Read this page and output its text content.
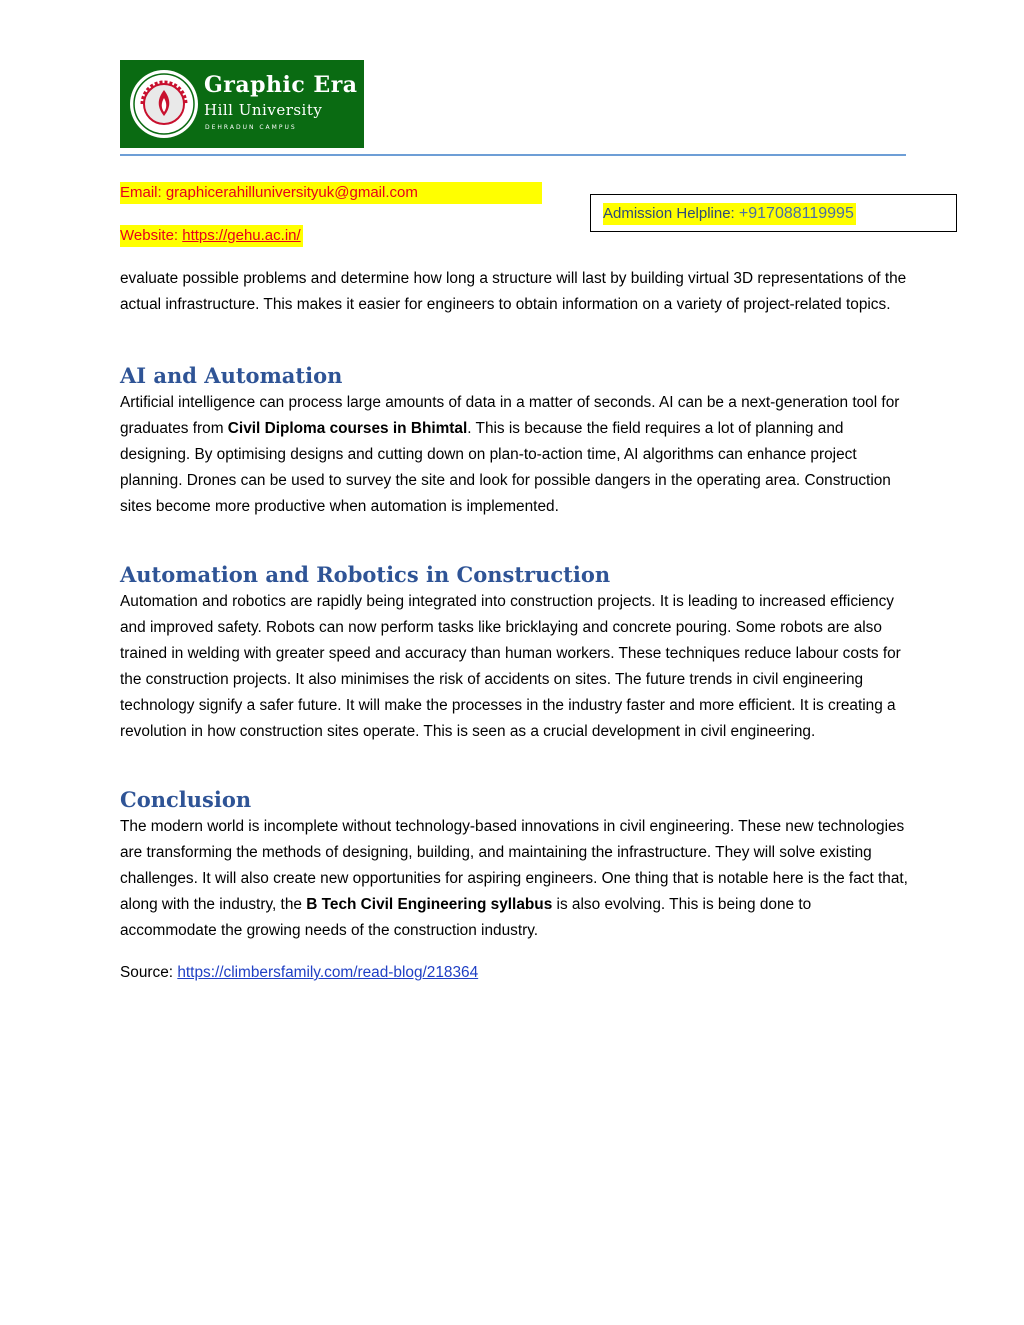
Graphic Era
Hill University
DEHRADUN CAMPUS
Email: graphicerahilluniversityuk@gmail.com
Website: https://gehu.ac.in/
Admission Helpline: +917088119995

evaluate possible problems and determine how long a structure will last by building virtual 3D representations of the actual infrastructure. This makes it easier for engineers to obtain information on a variety of project-related topics.

AI and Automation

Artificial intelligence can process large amounts of data in a matter of seconds. AI can be a next-generation tool for graduates from Civil Diploma courses in Bhimtal. This is because the field requires a lot of planning and designing. By optimising designs and cutting down on plan-to-action time, AI algorithms can enhance project planning. Drones can be used to survey the site and look for possible dangers in the operating area. Construction sites become more productive when automation is implemented.

Automation and Robotics in Construction

Automation and robotics are rapidly being integrated into construction projects. It is leading to increased efficiency and improved safety. Robots can now perform tasks like bricklaying and concrete pouring. Some robots are also trained in welding with greater speed and accuracy than human workers. These techniques reduce labour costs for the construction projects. It also minimises the risk of accidents on sites. The future trends in civil engineering technology signify a safer future. It will make the processes in the industry faster and more efficient. It is creating a revolution in how construction sites operate. This is seen as a crucial development in civil engineering.

Conclusion

The modern world is incomplete without technology-based innovations in civil engineering. These new technologies are transforming the methods of designing, building, and maintaining the infrastructure. They will solve existing challenges. It will also create new opportunities for aspiring engineers. One thing that is notable here is the fact that, along with the industry, the B Tech Civil Engineering syllabus is also evolving. This is being done to accommodate the growing needs of the construction industry.

Source: https://climbersfamily.com/read-blog/218364
